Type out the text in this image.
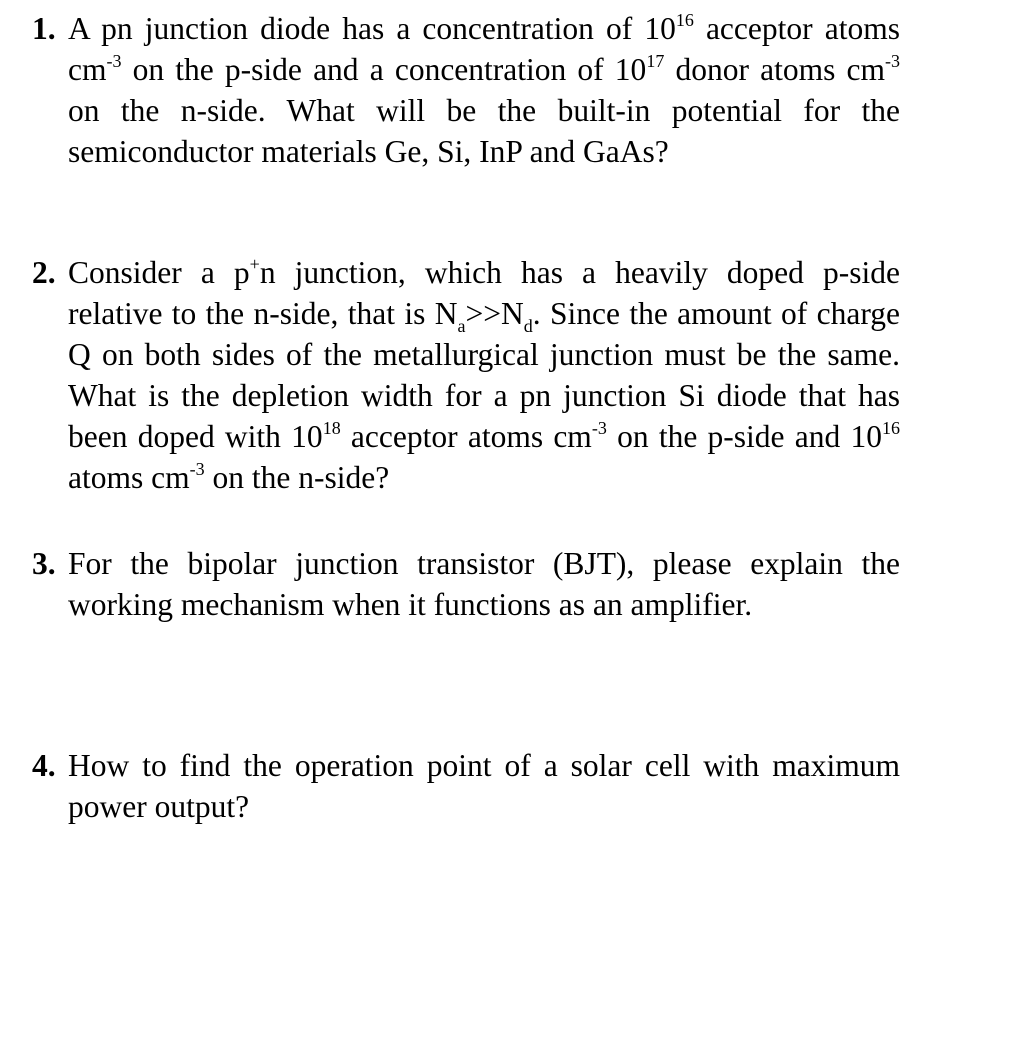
1. A pn junction diode has a concentration of $10^{16}$ acceptor atoms $cm^{-3}$ on the p-side and a concentration of $10^{17}$ donor atoms $cm^{-3}$ on the n-side. What will be the built-in potential for the semiconductor materials Ge, Si, InP and GaAs?
2. Consider a p+n junction, which has a heavily doped p-side relative to the n-side, that is $N_a>>N_d$. Since the amount of charge Q on both sides of the metallurgical junction must be the same. What is the depletion width for a pn junction Si diode that has been doped with $10^{18}$ acceptor atoms $cm^{-3}$ on the p-side and $10^{16}$ atoms $cm^{-3}$ on the n-side?
3. For the bipolar junction transistor (BJT), please explain the working mechanism when it functions as an amplifier.
4. How to find the operation point of a solar cell with maximum power output?
